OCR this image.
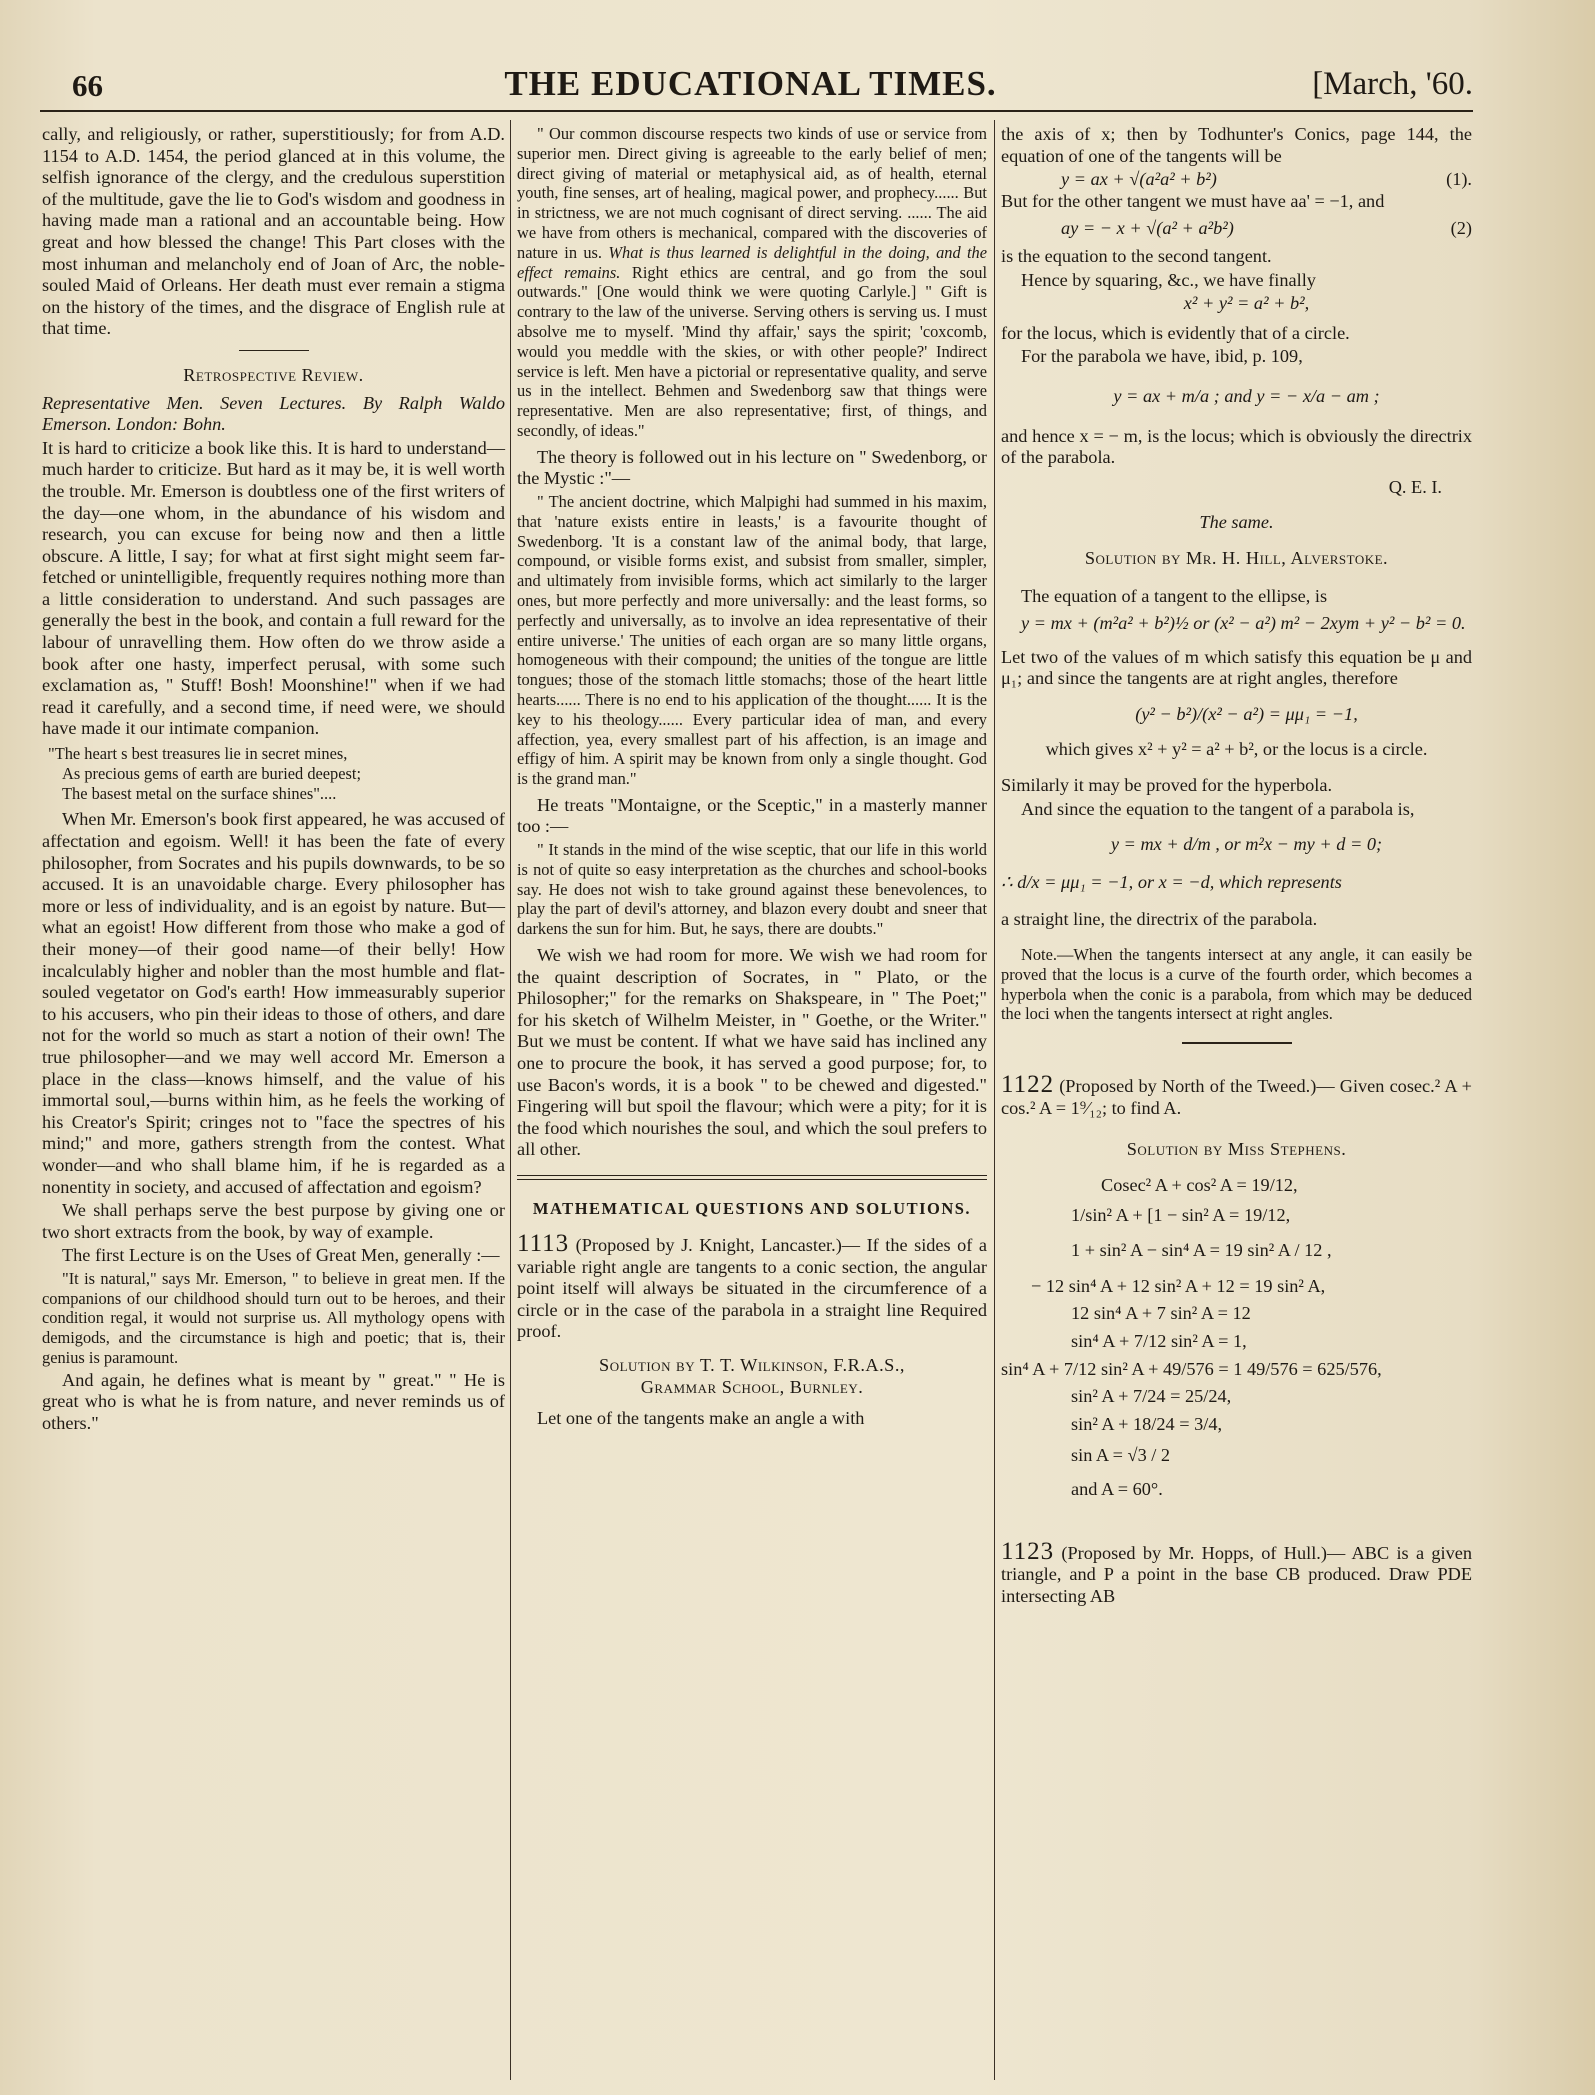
66	THE EDUCATIONAL TIMES.	[March, '60.

cally, and religiously, or rather, superstitiously; for from A.D. 1154 to A.D. 1454, the period glanced at in this volume, the selfish ignorance of the clergy, and the credulous superstition of the multitude, gave the lie to God's wisdom and goodness in having made man a rational and an accountable being. How great and how blessed the change! This Part closes with the most inhuman and melancholy end of Joan of Arc, the noble-souled Maid of Orleans. Her death must ever remain a stigma on the history of the times, and the disgrace of English rule at that time.

Retrospective Review.

Representative Men. Seven Lectures. By Ralph Waldo Emerson. London: Bohn.

It is hard to criticize a book like this. It is hard to understand—much harder to criticize. But hard as it may be, it is well worth the trouble. Mr. Emerson is doubtless one of the first writers of the day—one whom, in the abundance of his wisdom and research, you can excuse for being now and then a little obscure. A little, I say; for what at first sight might seem far-fetched or unintelligible, frequently requires nothing more than a little consideration to understand. And such passages are generally the best in the book, and contain a full reward for the labour of unravelling them. How often do we throw aside a book after one hasty, imperfect perusal, with some such exclamation as, " Stuff! Bosh! Moonshine!" when if we had read it carefully, and a second time, if need were, we should have made it our intimate companion.

"The heart s best treasures lie in secret mines,
As precious gems of earth are buried deepest;
The basest metal on the surface shines"....

When Mr. Emerson's book first appeared, he was accused of affectation and egoism. Well! it has been the fate of every philosopher, from Socrates and his pupils downwards, to be so accused. It is an unavoidable charge. Every philosopher has more or less of individuality, and is an egoist by nature. But—what an egoist! How different from those who make a god of their money—of their good name—of their belly! How incalculably higher and nobler than the most humble and flat-souled vegetator on God's earth! How immeasurably superior to his accusers, who pin their ideas to those of others, and dare not for the world so much as start a notion of their own! The true philosopher—and we may well accord Mr. Emerson a place in the class—knows himself, and the value of his immortal soul,—burns within him, as he feels the working of his Creator's Spirit; cringes not to "face the spectres of his mind;" and more, gathers strength from the contest. What wonder—and who shall blame him, if he is regarded as a nonentity in society, and accused of affectation and egoism?

We shall perhaps serve the best purpose by giving one or two short extracts from the book, by way of example.

The first Lecture is on the Uses of Great Men, generally :—

"It is natural," says Mr. Emerson, " to believe in great men. If the companions of our childhood should turn out to be heroes, and their condition regal, it would not surprise us. All mythology opens with demigods, and the circumstance is high and poetic; that is, their genius is paramount.

And again, he defines what is meant by " great." " He is great who is what he is from nature, and never reminds us of others."

" Our common discourse respects two kinds of use or service from superior men. Direct giving is agreeable to the early belief of men; direct giving of material or metaphysical aid, as of health, eternal youth, fine senses, art of healing, magical power, and prophecy...... But in strictness, we are not much cognisant of direct serving. ...... The aid we have from others is mechanical, compared with the discoveries of nature in us. What is thus learned is delightful in the doing, and the effect remains. Right ethics are central, and go from the soul outwards." [One would think we were quoting Carlyle.] " Gift is contrary to the law of the universe. Serving others is serving us. I must absolve me to myself. 'Mind thy affair,' says the spirit; 'coxcomb, would you meddle with the skies, or with other people?' Indirect service is left. Men have a pictorial or representative quality, and serve us in the intellect. Behmen and Swedenborg saw that things were representative. Men are also representative; first, of things, and secondly, of ideas."

The theory is followed out in his lecture on " Swedenborg, or the Mystic :"—

" The ancient doctrine, which Malpighi had summed in his maxim, that 'nature exists entire in leasts,' is a favourite thought of Swedenborg. 'It is a constant law of the animal body, that large, compound, or visible forms exist, and subsist from smaller, simpler, and ultimately from invisible forms, which act similarly to the larger ones, but more perfectly and more universally: and the least forms, so perfectly and universally, as to involve an idea representative of their entire universe.' The unities of each organ are so many little organs, homogeneous with their compound; the unities of the tongue are little tongues; those of the stomach little stomachs; those of the heart little hearts...... There is no end to his application of the thought...... It is the key to his theology...... Every particular idea of man, and every affection, yea, every smallest part of his affection, is an image and effigy of him. A spirit may be known from only a single thought. God is the grand man."

He treats "Montaigne, or the Sceptic," in a masterly manner too :—

" It stands in the mind of the wise sceptic, that our life in this world is not of quite so easy interpretation as the churches and school-books say. He does not wish to take ground against these benevolences, to play the part of devil's attorney, and blazon every doubt and sneer that darkens the sun for him. But, he says, there are doubts."

We wish we had room for more. We wish we had room for the quaint description of Socrates, in " Plato, or the Philosopher;" for the remarks on Shakspeare, in " The Poet;" for his sketch of Wilhelm Meister, in " Goethe, or the Writer." But we must be content. If what we have said has inclined any one to procure the book, it has served a good purpose; for, to use Bacon's words, it is a book " to be chewed and digested." Fingering will but spoil the flavour; which were a pity; for it is the food which nourishes the soul, and which the soul prefers to all other.

MATHEMATICAL QUESTIONS AND SOLUTIONS.

1113 (Proposed by J. Knight, Lancaster.)— If the sides of a variable right angle are tangents to a conic section, the angular point itself will always be situated in the circumference of a circle or in the case of the parabola in a straight line Required proof.

Solution by T. T. Wilkinson, F.R.A.S.,

Grammar School, Burnley.

Let one of the tangents make an angle a with

the axis of x; then by Todhunter's Conics, page 144, the equation of one of the tangents will be

y = ax + √(a²a² + b²)	(1).

But for the other tangent we must have aa' = −1, and

ay = − x + √(a² + a²b²)	(2)

is the equation to the second tangent.

Hence by squaring, &c., we have finally

x² + y² = a² + b²,

for the locus, which is evidently that of a circle.

For the parabola we have, ibid, p. 109,

y = ax + m/a ; and y = − x/a − am ;

and hence x = − m, is the locus; which is obviously the directrix of the parabola.

Q. E. I.

The same.

Solution by Mr. H. Hill, Alverstoke.

The equation of a tangent to the ellipse, is

y = mx + (m²a² + b²)½ or (x² − a²) m² − 2xym + y² − b² = 0.

Let two of the values of m which satisfy this equation be μ and μ₁; and since the tangents are at right angles, therefore

(y² − b²)/(x² − a²) = μμ₁ = −1,

which gives x² + y² = a² + b², or the locus is a circle.

Similarly it may be proved for the hyperbola.

And since the equation to the tangent of a parabola is,

y = mx + d/m , or m²x − my + d = 0;

∴ d/x = μμ₁ = −1, or x = −d, which represents

a straight line, the directrix of the parabola.

Note.—When the tangents intersect at any angle, it can easily be proved that the locus is a curve of the fourth order, which becomes a hyperbola when the conic is a parabola, from which may be deduced the loci when the tangents intersect at right angles.

1122 (Proposed by North of the Tweed.)— Given cosec.² A + cos.² A = 1⁹⁄₁₂; to find A.

Solution by Miss Stephens.

Cosec² A + cos² A = 19/12,
1/sin² A + [1 − sin² A = 19/12,
1 + sin² A − sin⁴ A = 19 sin² A / 12 ,
− 12 sin⁴ A + 12 sin² A + 12 = 19 sin² A,
12 sin⁴ A + 7 sin² A = 12
sin⁴ A + 7/12 sin² A = 1,
sin⁴ A + 7/12 sin² A + 49/576 = 1 49/576 = 625/576,
sin² A + 7/24 = 25/24,
sin² A + 18/24 = 3/4,
sin A = √3 / 2
and A = 60°.
1123 (Proposed by Mr. Hopps, of Hull.)— ABC is a given triangle, and P a point in the base CB produced. Draw PDE intersecting AB
